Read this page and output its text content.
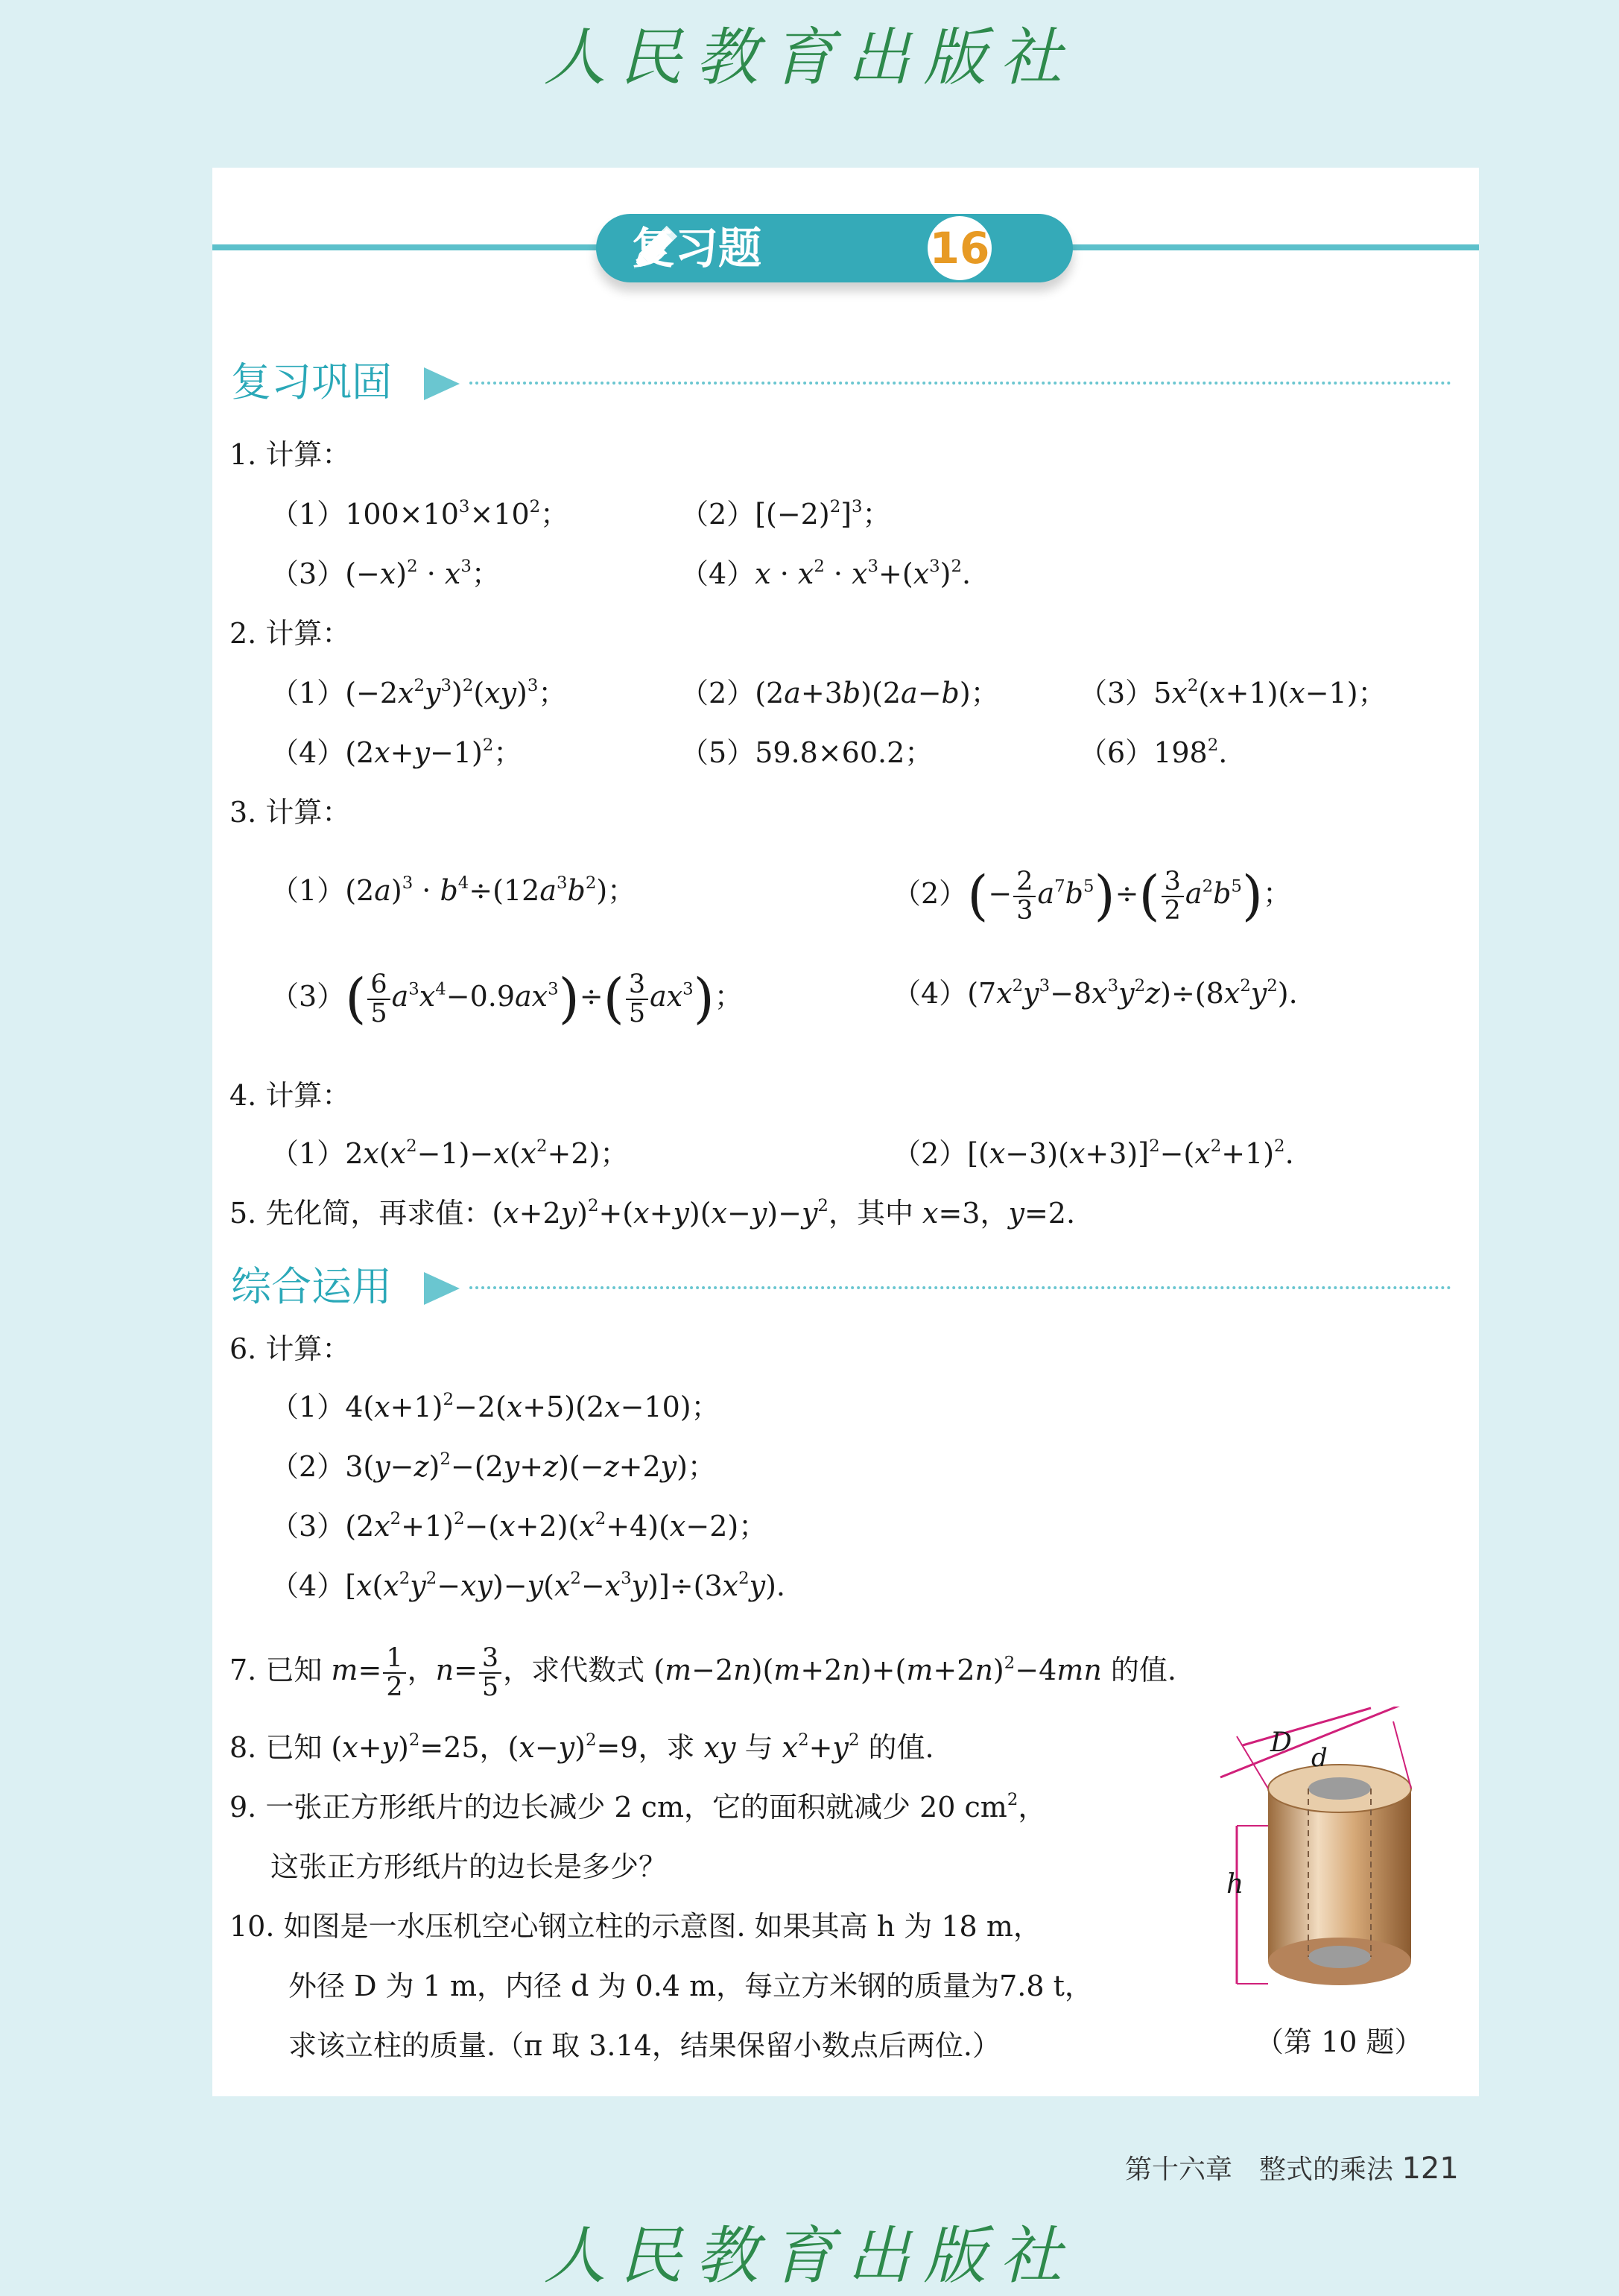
人民教育出版社
复习题	16
复习巩固
1. 计算：
$(1)100\times 10^3\times 10^2$；	$(2)[(-2)^2]^3$；
$(3)(-x)^2 \cdot x^3$；	$(4)x \cdot x^2 \cdot x^3+(x^3)^2$.
2. 计算：
$(1)(-2x^2y^3)^2(xy)^3$；	（2）(2a+3b)(2a−b)；	$(3)5x^2(x+1)(x-1)$；
$(4)(2x+y-1)^2$；	（5）59.8×60.2；	$(6)198^2$.
3. 计算：
$(1)(2a)^3 \cdot b^4\div(12a^3b^2)$；	$(2)(- \frac{2}{3} a^7b^5)\div( \frac{3}{2} a^2b^5)$；
$(3)( \frac{6}{5} a^3x^4-0.9ax^3)\div( \frac{3}{5} ax^3)$；	$(4)(7x^2y^3-8x^3y^2z)\div(8x^2y^2)$.
4. 计算：
$(1)2x(x^2-1)-x(x^2+2)$；	$(2)[(x-3)(x+3)]^2-(x^2+1)^2$.
5. 先化简，再求值：$(x+2y)^2+(x+y)(x-y)-y^2$，其中 x=3，y=2.
综合运用
6. 计算：
$(1)4(x+1)^2-2(x+5)(2x-10)$；
$(2)3(y-z)^2-(2y+z)(-z+2y)$；
$(3)(2x^2+1)^2-(x+2)(x^2+4)(x-2)$；
$(4)[x(x^2y^2-xy)-y(x^2-x^3y)]\div(3x^2y)$.
7. 已知 $m= \frac{1}{2}$ ，$n= \frac{3}{5}$ ，求代数式 $(m-2n)(m+2n)+(m+2n)^2-4mn$ 的值.
8. 已知 $(x+y)^2=25$，$(x-y)^2=9$，求 xy 与 $x^2+y^2$ 的值.
9. 一张正方形纸片的边长减少 2 cm，它的面积就减少 20 $cm^2$，
这张正方形纸片的边长是多少？
10. 如图是一水压机空心钢立柱的示意图. 如果其高 h 为 18 m，
外径 D 为 1 m，内径 d 为 0.4 m，每立方米钢的质量为7.8 t，
求该立柱的质量.（π 取 3.14，结果保留小数点后两位.）
D d
h
（第 10 题）
第十六章　整式的乘法 121
人民教育出版社
